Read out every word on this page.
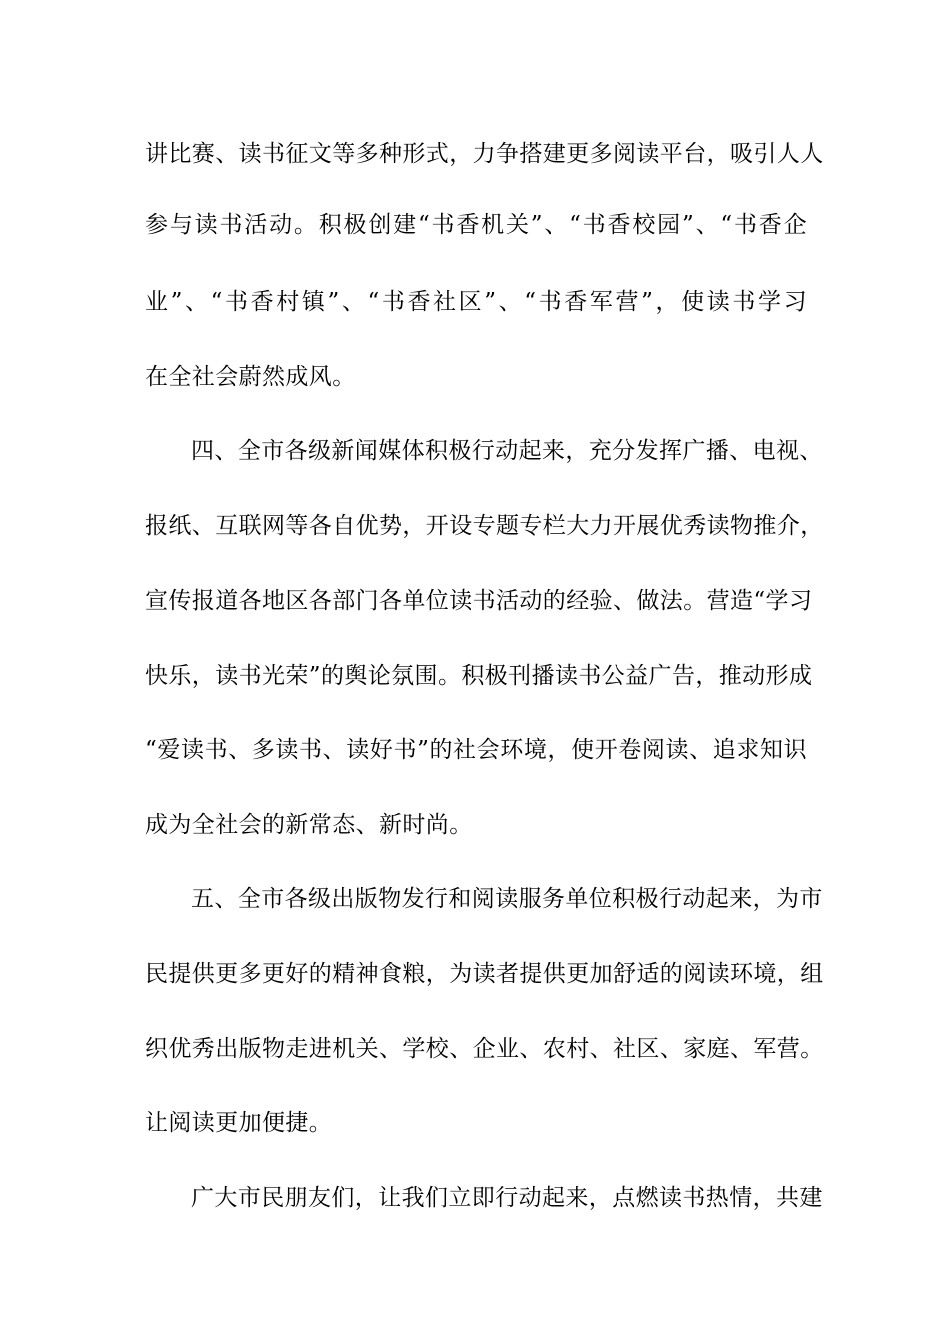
讲比赛、读书征文等多种形式，力争搭建更多阅读平台，吸引人人
参与读书活动。积极创建“书香机关”、“书香校园”、“书香企
业”、“书香村镇”、“书香社区”、“书香军营”，使读书学习
在全社会蔚然成风。
四、全市各级新闻媒体积极行动起来，充分发挥广播、电视、
报纸、互联网等各自优势，开设专题专栏大力开展优秀读物推介，
宣传报道各地区各部门各单位读书活动的经验、做法。营造“学习
快乐，读书光荣”的舆论氛围。积极刊播读书公益广告，推动形成
“爱读书、多读书、读好书”的社会环境，使开卷阅读、追求知识
成为全社会的新常态、新时尚。
五、全市各级出版物发行和阅读服务单位积极行动起来，为市
民提供更多更好的精神食粮，为读者提供更加舒适的阅读环境，组
织优秀出版物走进机关、学校、企业、农村、社区、家庭、军营。
让阅读更加便捷。
广大市民朋友们，让我们立即行动起来，点燃读书热情，共建
